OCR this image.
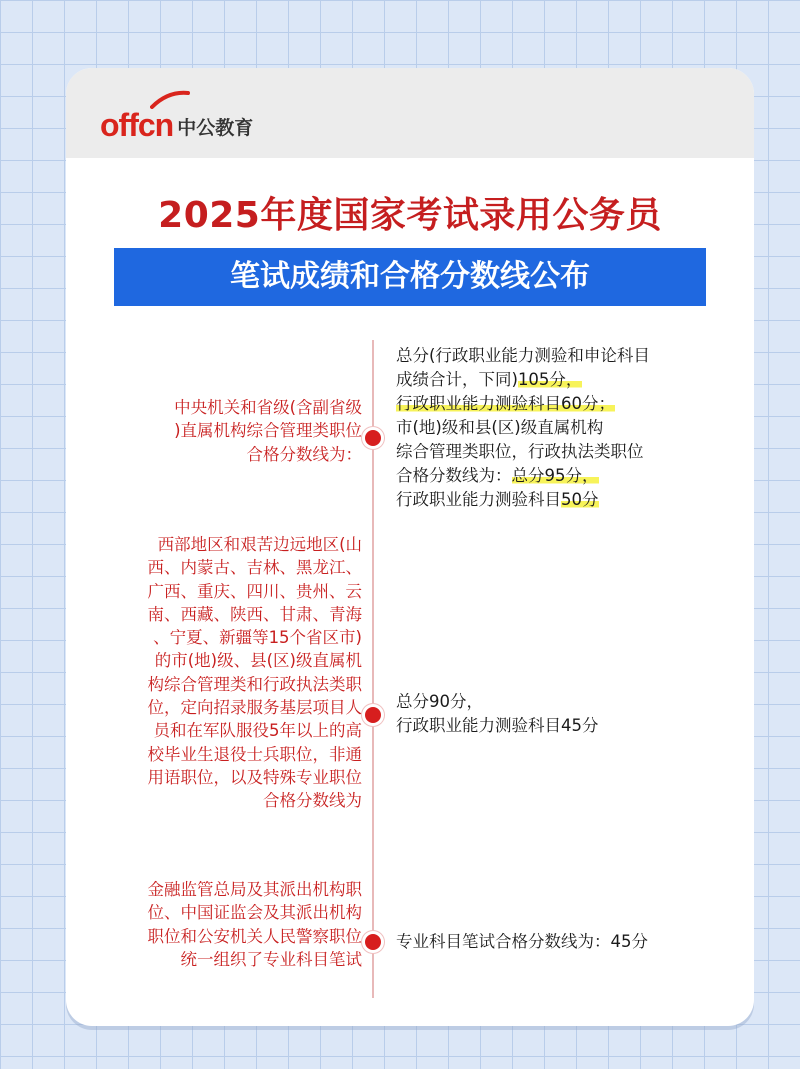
offcn 中公教育
2025年度国家考试录用公务员
笔试成绩和合格分数线公布
中央机关和省级(含副省级
)直属机构综合管理类职位
合格分数线为：
总分(行政职业能力测验和申论科目
成绩合计，下同)105分，
行政职业能力测验科目60分；
市(地)级和县(区)级直属机构
综合管理类职位，行政执法类职位
合格分数线为：总分95分，
行政职业能力测验科目50分
西部地区和艰苦边远地区(山
西、内蒙古、吉林、黑龙江、
广西、重庆、四川、贵州、云
南、西藏、陕西、甘肃、青海
、宁夏、新疆等15个省区市)
的市(地)级、县(区)级直属机
构综合管理类和行政执法类职
位，定向招录服务基层项目人
员和在军队服役5年以上的高
校毕业生退役士兵职位，非通
用语职位，以及特殊专业职位
合格分数线为
总分90分，
行政职业能力测验科目45分
金融监管总局及其派出机构职
位、中国证监会及其派出机构
职位和公安机关人民警察职位
统一组织了专业科目笔试
专业科目笔试合格分数线为：45分
